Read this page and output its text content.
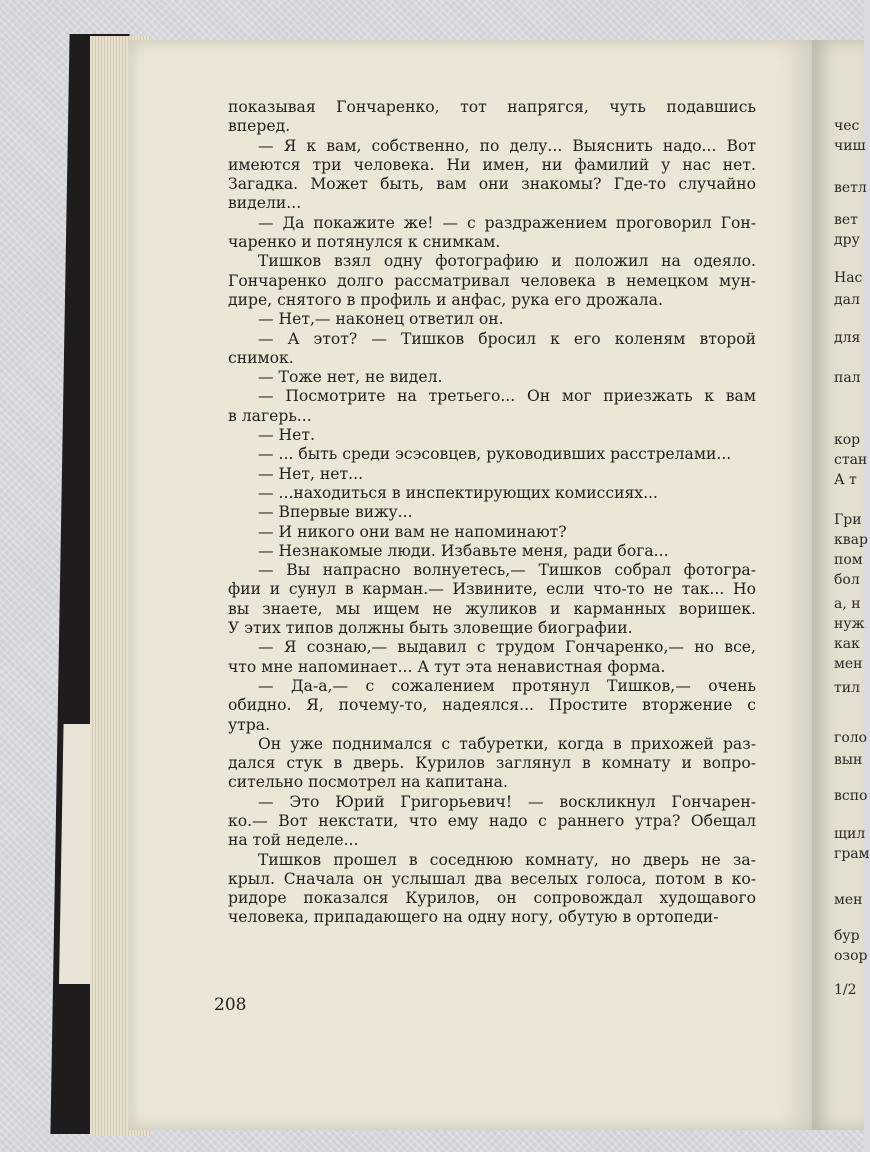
чес
чиш
ветл
вет
дру
Нас
дал
для
пал
кор
стан
А т
Гри
квар
пом
бол
а, н
нуж
как
мен
тил
голо
вын
вспо
щил
грам
мен
бур
озор
1/2
показывая Гончаренко, тот напрягся, чуть подавшись
вперед.
— Я к вам, собственно, по делу... Выяснить надо... Вот
имеются три человека. Ни имен, ни фамилий у нас нет.
Загадка. Может быть, вам они знакомы? Где-то случайно
видели...
— Да покажите же! — с раздражением проговорил Гон-
чаренко и потянулся к снимкам.
Тишков взял одну фотографию и положил на одеяло.
Гончаренко долго рассматривал человека в немецком мун-
дире, снятого в профиль и анфас, рука его дрожала.
— Нет,— наконец ответил он.
— А этот? — Тишков бросил к его коленям второй
снимок.
— Тоже нет, не видел.
— Посмотрите на третьего... Он мог приезжать к вам
в лагерь...
— Нет.
— ... быть среди эсэсовцев, руководивших расстрелами...
— Нет, нет...
— ...находиться в инспектирующих комиссиях...
— Впервые вижу...
— И никого они вам не напоминают?
— Незнакомые люди. Избавьте меня, ради бога...
— Вы напрасно волнуетесь,— Тишков собрал фотогра-
фии и сунул в карман.— Извините, если что-то не так... Но
вы знаете, мы ищем не жуликов и карманных воришек.
У этих типов должны быть зловещие биографии.
— Я сознаю,— выдавил с трудом Гончаренко,— но все,
что мне напоминает... А тут эта ненавистная форма.
— Да-а,— с сожалением протянул Тишков,— очень
обидно. Я, почему-то, надеялся... Простите вторжение с
утра.
Он уже поднимался с табуретки, когда в прихожей раз-
дался стук в дверь. Курилов заглянул в комнату и вопро-
сительно посмотрел на капитана.
— Это Юрий Григорьевич! — воскликнул Гончарен-
ко.— Вот некстати, что ему надо с раннего утра? Обещал
на той неделе...
Тишков прошел в соседнюю комнату, но дверь не за-
крыл. Сначала он услышал два веселых голоса, потом в ко-
ридоре показался Курилов, он сопровождал худощавого
человека, припадающего на одну ногу, обутую в ортопеди-
208
